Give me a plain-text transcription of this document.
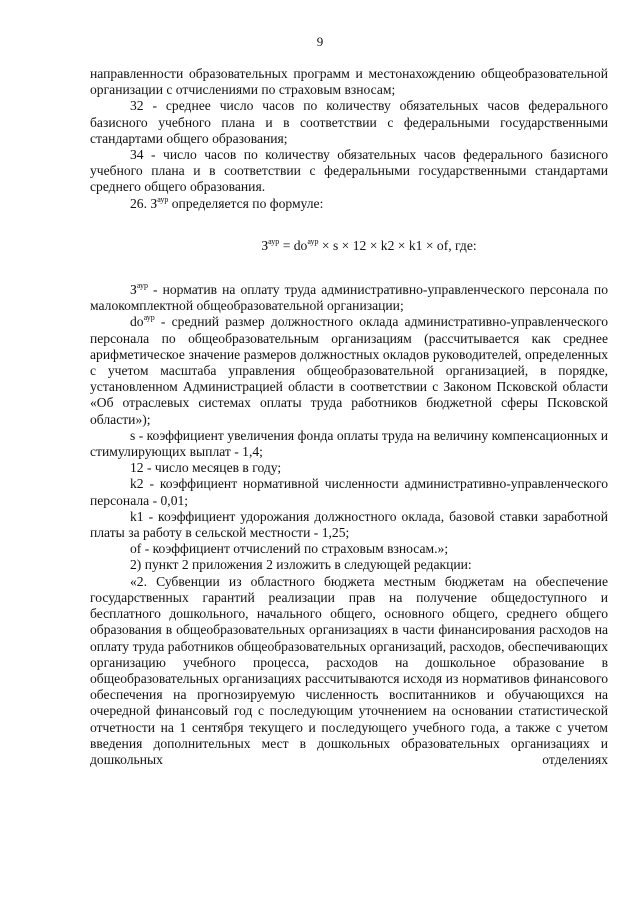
9

направленности образовательных программ и местонахождению общеобразовательной организации с отчислениями по страховым взносам;

32 - среднее число часов по количеству обязательных часов федерального базисного учебного плана и в соответствии с федеральными государственными стандартами общего образования;

34 - число часов по количеству обязательных часов федерального базисного учебного плана и в соответствии с федеральными государственными стандартами среднего общего образования.

26. $З^{аур}$ определяется по формуле:

$З^{аур} = do^{аур} \times s \times 12 \times k2 \times k1$ × of, где:

$З^{аур}$ - норматив на оплату труда административно-управленческого персонала по малокомплектной общеобразовательной организации;

$do^{аур}$ - средний размер должностного оклада административно-управленческого персонала по общеобразовательным организациям (рассчитывается как среднее арифметическое значение размеров должностных окладов руководителей, определенных с учетом масштаба управления общеобразовательной организацией, в порядке, установленном Администрацией области в соответствии с Законом Псковской области «Об отраслевых системах оплаты труда работников бюджетной сферы Псковской области»);

s - коэффициент увеличения фонда оплаты труда на величину компенсационных и стимулирующих выплат - 1,4;

12 - число месяцев в году;

k2 - коэффициент нормативной численности административно-управленческого персонала - 0,01;

k1 - коэффициент удорожания должностного оклада, базовой ставки заработной платы за работу в сельской местности - 1,25;

of - коэффициент отчислений по страховым взносам.»;

2) пункт 2 приложения 2 изложить в следующей редакции:

«2. Субвенции из областного бюджета местным бюджетам на обеспечение государственных гарантий реализации прав на получение общедоступного и бесплатного дошкольного, начального общего, основного общего, среднего общего образования в общеобразовательных организациях в части финансирования расходов на оплату труда работников общеобразовательных организаций, расходов, обеспечивающих организацию учебного процесса, расходов на дошкольное образование в общеобразовательных организациях рассчитываются исходя из нормативов финансового обеспечения на прогнозируемую численность воспитанников и обучающихся на очередной финансовый год с последующим уточнением на основании статистической отчетности на 1 сентября текущего и последующего учебного года, а также с учетом введения дополнительных мест в дошкольных образовательных организациях и дошкольных отделениях
